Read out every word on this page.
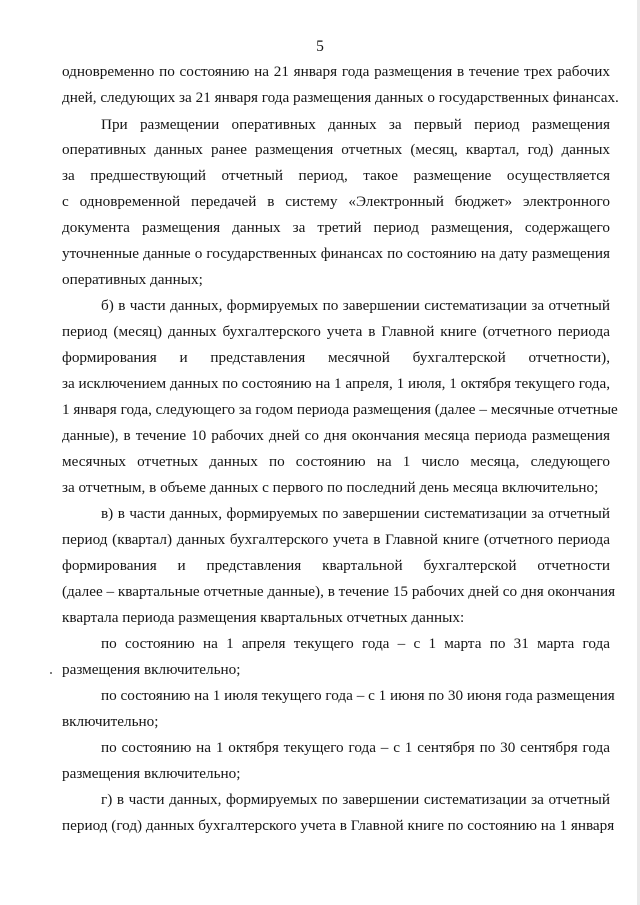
5
одновременно по состоянию на 21 января года размещения в течение трех рабочих
дней, следующих за 21 января года размещения данных о государственных финансах.
При размещении оперативных данных за первый период размещения
оперативных данных ранее размещения отчетных (месяц, квартал, год) данных
за предшествующий отчетный период, такое размещение осуществляется
с одновременной передачей в систему «Электронный бюджет» электронного
документа размещения данных за третий период размещения, содержащего
уточненные данные о государственных финансах по состоянию на дату размещения
оперативных данных;
б) в части данных, формируемых по завершении систематизации за отчетный
период (месяц) данных бухгалтерского учета в Главной книге (отчетного периода
формирования и представления месячной бухгалтерской отчетности),
за исключением данных по состоянию на 1 апреля, 1 июля, 1 октября текущего года,
1 января года, следующего за годом периода размещения (далее – месячные отчетные
данные), в течение 10 рабочих дней со дня окончания месяца периода размещения
месячных отчетных данных по состоянию на 1 число месяца, следующего
за отчетным, в объеме данных с первого по последний день месяца включительно;
в) в части данных, формируемых по завершении систематизации за отчетный
период (квартал) данных бухгалтерского учета в Главной книге (отчетного периода
формирования и представления квартальной бухгалтерской отчетности
(далее – квартальные отчетные данные), в течение 15 рабочих дней со дня окончания
квартала периода размещения квартальных отчетных данных:
по состоянию на 1 апреля текущего года – с 1 марта по 31 марта года
размещения включительно;
по состоянию на 1 июля текущего года – с 1 июня по 30 июня года размещения
включительно;
по состоянию на 1 октября текущего года – с 1 сентября по 30 сентября года
размещения включительно;
г) в части данных, формируемых по завершении систематизации за отчетный
период (год) данных бухгалтерского учета в Главной книге по состоянию на 1 января
